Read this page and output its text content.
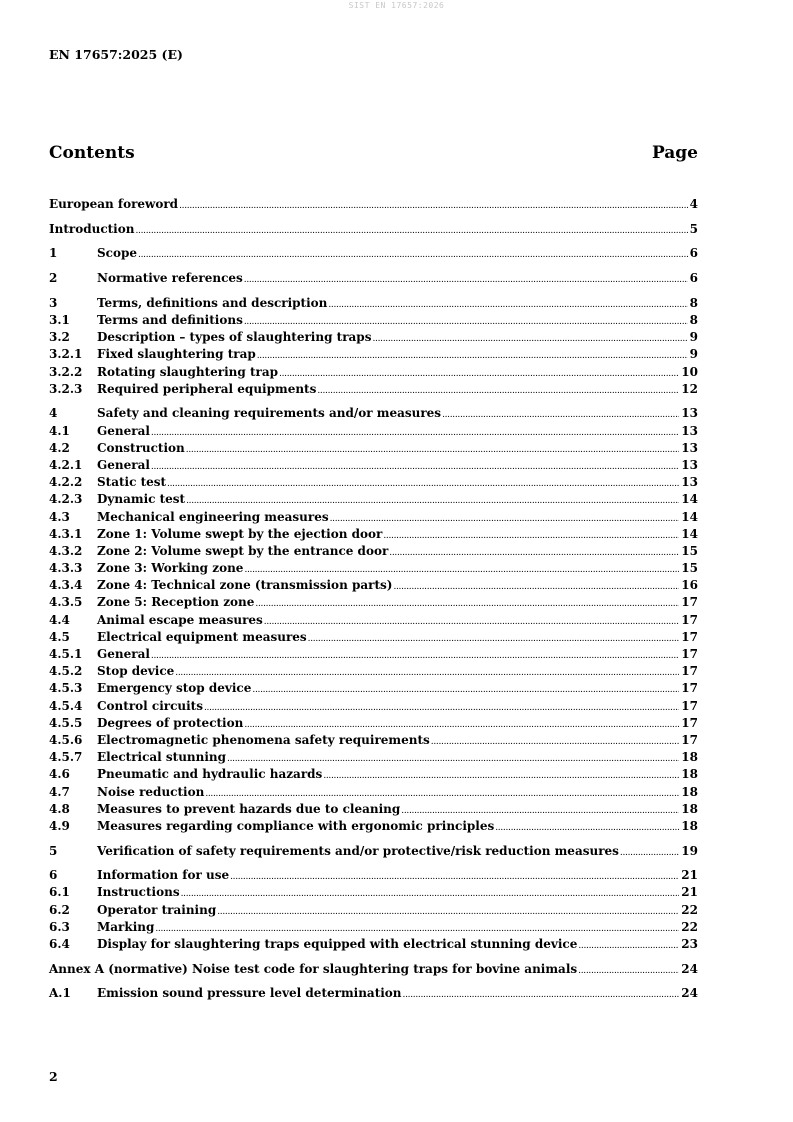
SIST EN 17657:2026
EN 17657:2025 (E)
Contents	Page
European foreword .....	4
Introduction .....	5
1	Scope .....	6
2	Normative references .....	6
3	Terms, definitions and description .....	8
3.1	Terms and definitions .....	8
3.2	Description – types of slaughtering traps .....	9
3.2.1	Fixed slaughtering trap .....	9
3.2.2	Rotating slaughtering trap .....	10
3.2.3	Required peripheral equipments .....	12
4	Safety and cleaning requirements and/or measures .....	13
4.1	General .....	13
4.2	Construction .....	13
4.2.1	General .....	13
4.2.2	Static test .....	13
4.2.3	Dynamic test .....	14
4.3	Mechanical engineering measures .....	14
4.3.1	Zone 1: Volume swept by the ejection door .....	14
4.3.2	Zone 2: Volume swept by the entrance door .....	15
4.3.3	Zone 3: Working zone .....	15
4.3.4	Zone 4: Technical zone (transmission parts) .....	16
4.3.5	Zone 5: Reception zone .....	17
4.4	Animal escape measures .....	17
4.5	Electrical equipment measures .....	17
4.5.1	General .....	17
4.5.2	Stop device .....	17
4.5.3	Emergency stop device .....	17
4.5.4	Control circuits .....	17
4.5.5	Degrees of protection .....	17
4.5.6	Electromagnetic phenomena safety requirements .....	17
4.5.7	Electrical stunning .....	18
4.6	Pneumatic and hydraulic hazards .....	18
4.7	Noise reduction .....	18
4.8	Measures to prevent hazards due to cleaning .....	18
4.9	Measures regarding compliance with ergonomic principles .....	18
5	Verification of safety requirements and/or protective/risk reduction measures .....	19
6	Information for use .....	21
6.1	Instructions .....	21
6.2	Operator training .....	22
6.3	Marking .....	22
6.4	Display for slaughtering traps equipped with electrical stunning device .....	23
Annex A (normative) Noise test code for slaughtering traps for bovine animals .....	24
A.1	Emission sound pressure level determination .....	24
2
